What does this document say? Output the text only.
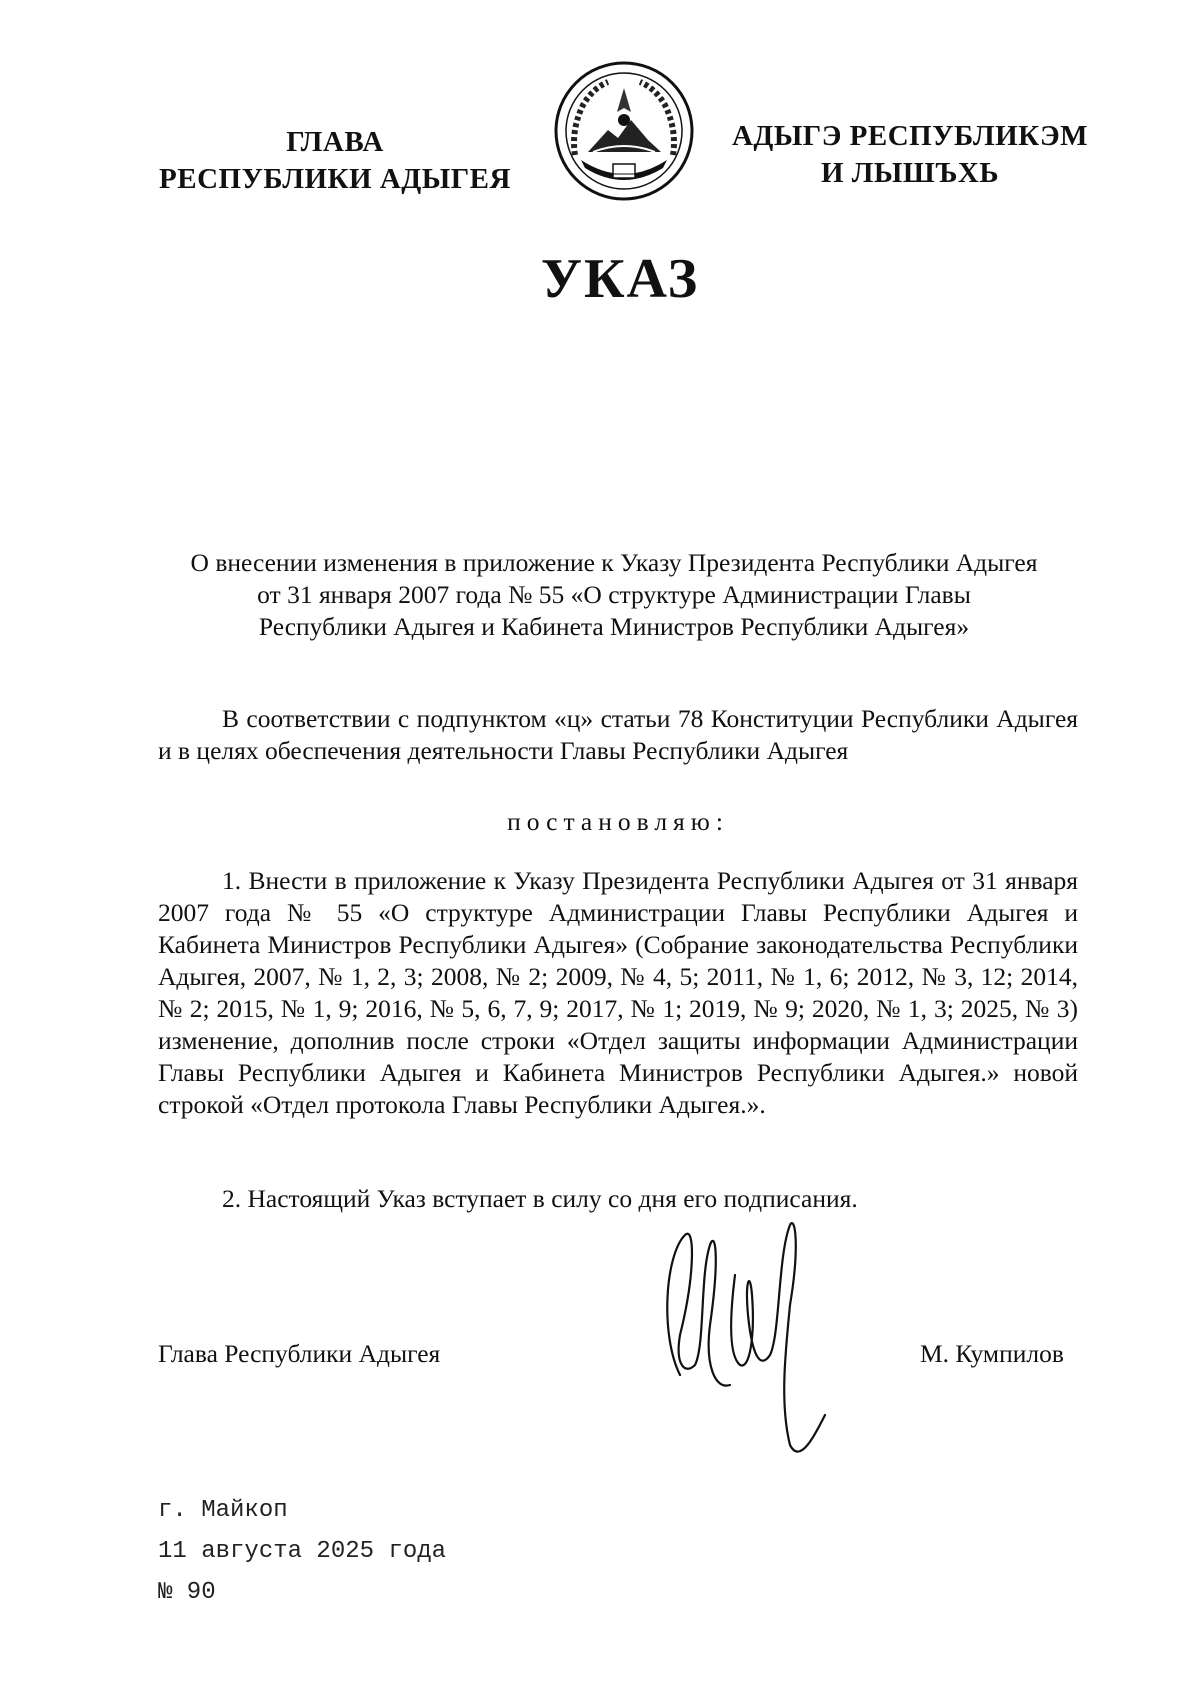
ГЛАВА
РЕСПУБЛИКИ АДЫГЕЯ
АДЫГЭ РЕСПУБЛИКЭМ
И ЛЫШЪХЬ
УКАЗ
О внесении изменения в приложение к Указу Президента Республики Адыгея
от 31 января 2007 года № 55 «О структуре Администрации Главы
Республики Адыгея и Кабинета Министров Республики Адыгея»
В соответствии с подпунктом «ц» статьи 78 Конституции Республики Адыгея и в целях обеспечения деятельности Главы Республики Адыгея
постановляю:
1. Внести в приложение к Указу Президента Республики Адыгея от 31 января 2007 года № 55 «О структуре Администрации Главы Республики Адыгея и Кабинета Министров Республики Адыгея» (Собрание законодательства Республики Адыгея, 2007, № 1, 2, 3; 2008, № 2; 2009, № 4, 5; 2011, № 1, 6; 2012, № 3, 12; 2014, № 2; 2015, № 1, 9; 2016, № 5, 6, 7, 9; 2017, № 1; 2019, № 9; 2020, № 1, 3; 2025, № 3) изменение, дополнив после строки «Отдел защиты информации Администрации Главы Республики Адыгея и Кабинета Министров Республики Адыгея.» новой строкой «Отдел протокола Главы Республики Адыгея.».
2. Настоящий Указ вступает в силу со дня его подписания.
Глава Республики Адыгея	М. Кумпилов
г. Майкоп
11 августа 2025 года
№ 90
